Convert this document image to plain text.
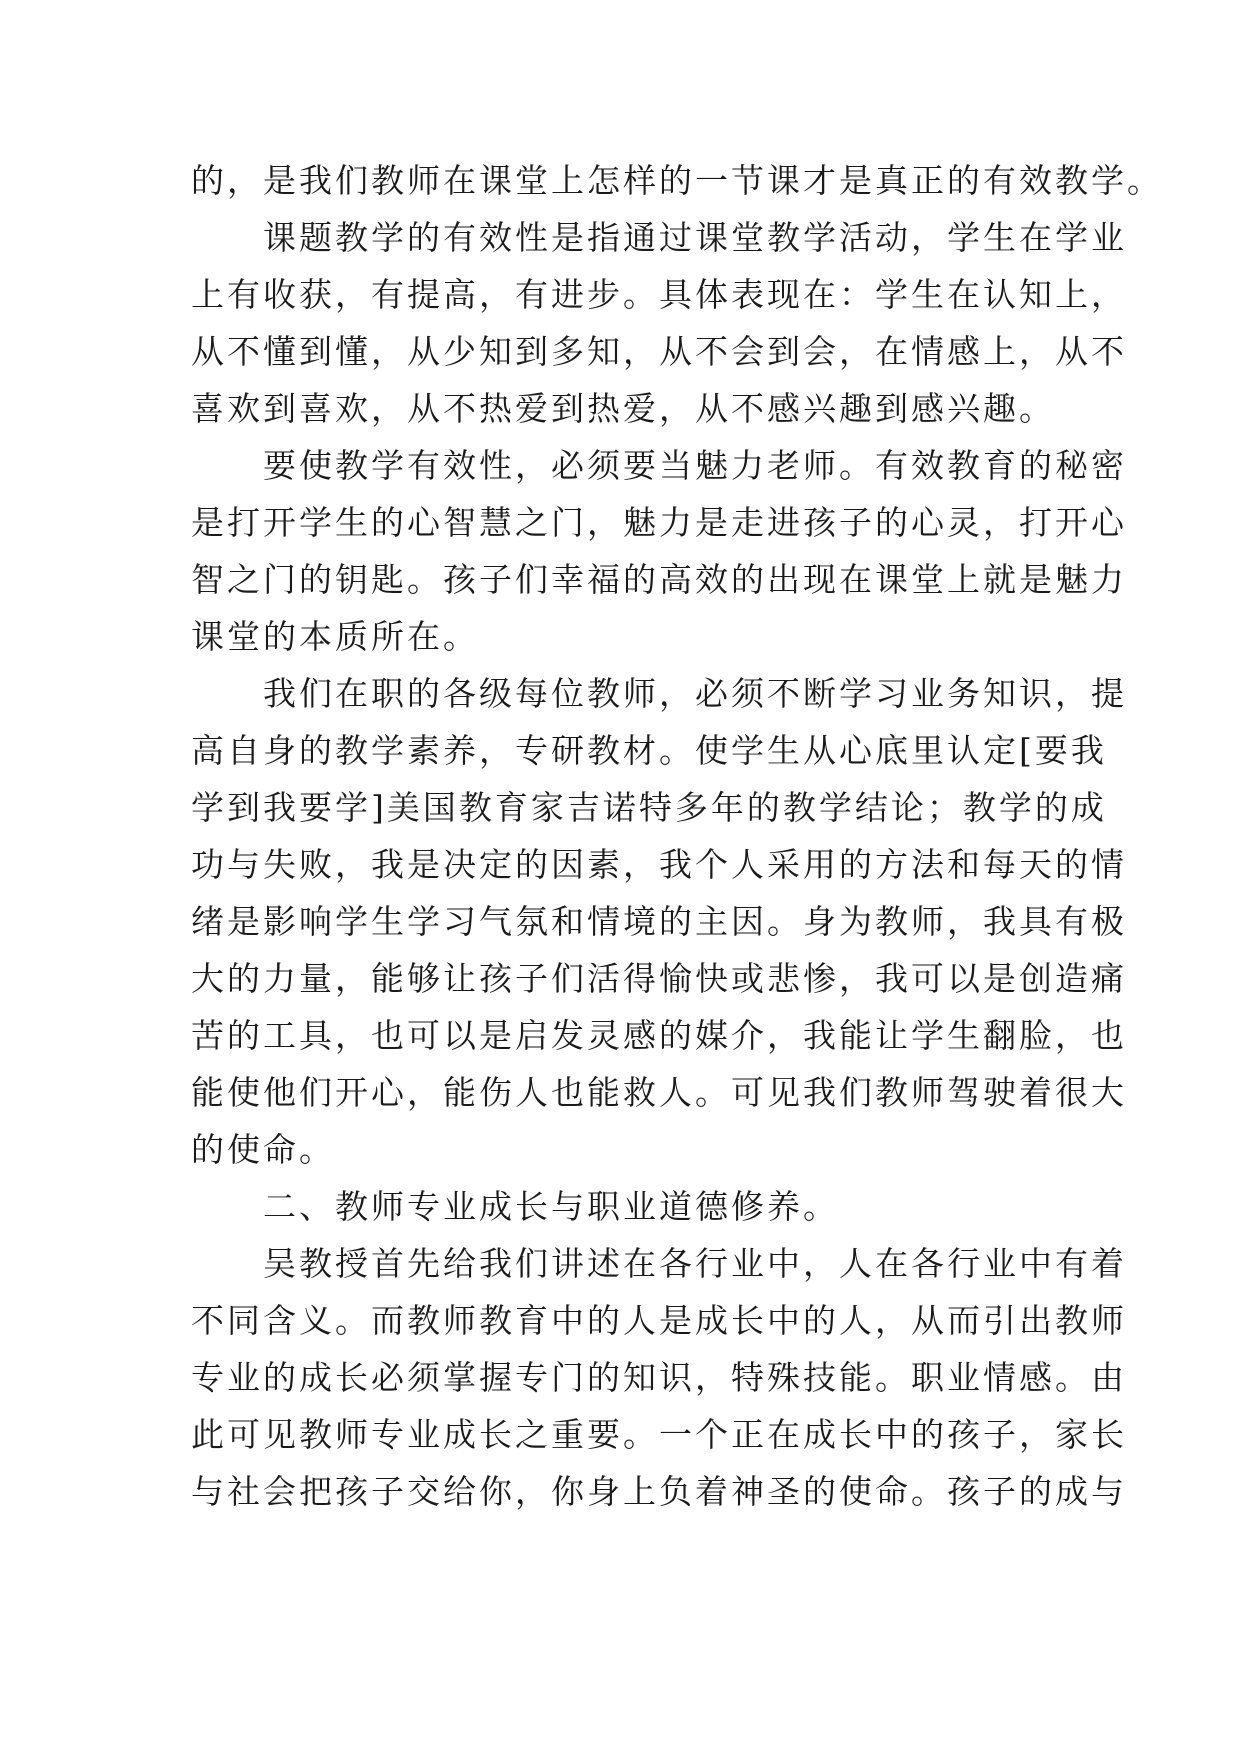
的，是我们教师在课堂上怎样的一节课才是真正的有效教学。
　　课题教学的有效性是指通过课堂教学活动，学生在学业
上有收获，有提高，有进步。具体表现在：学生在认知上，
从不懂到懂，从少知到多知，从不会到会，在情感上，从不
喜欢到喜欢，从不热爱到热爱，从不感兴趣到感兴趣。
　　要使教学有效性，必须要当魅力老师。有效教育的秘密
是打开学生的心智慧之门，魅力是走进孩子的心灵，打开心
智之门的钥匙。孩子们幸福的高效的出现在课堂上就是魅力
课堂的本质所在。
　　我们在职的各级每位教师，必须不断学习业务知识，提
高自身的教学素养，专研教材。使学生从心底里认定[要我
学到我要学]美国教育家吉诺特多年的教学结论；教学的成
功与失败，我是决定的因素，我个人采用的方法和每天的情
绪是影响学生学习气氛和情境的主因。身为教师，我具有极
大的力量，能够让孩子们活得愉快或悲惨，我可以是创造痛
苦的工具，也可以是启发灵感的媒介，我能让学生翻脸，也
能使他们开心，能伤人也能救人。可见我们教师驾驶着很大
的使命。
　　二、教师专业成长与职业道德修养。
　　吴教授首先给我们讲述在各行业中，人在各行业中有着
不同含义。而教师教育中的人是成长中的人，从而引出教师
专业的成长必须掌握专门的知识，特殊技能。职业情感。由
此可见教师专业成长之重要。一个正在成长中的孩子，家长
与社会把孩子交给你，你身上负着神圣的使命。孩子的成与
